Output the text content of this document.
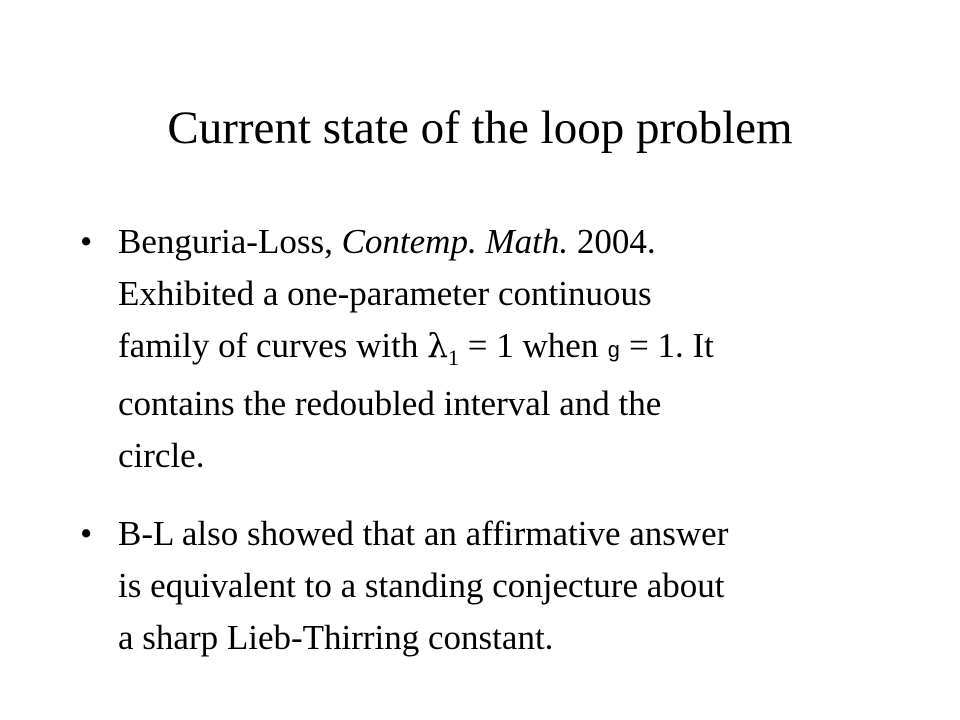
Current state of the loop problem
• Benguria-Loss, Contemp. Math. 2004.
Exhibited a one-parameter continuous
family of curves with $\lambda_1 = 1$ when g = 1. It
contains the redoubled interval and the
circle.
• B-L also showed that an affirmative answer
is equivalent to a standing conjecture about
a sharp Lieb-Thirring constant.
